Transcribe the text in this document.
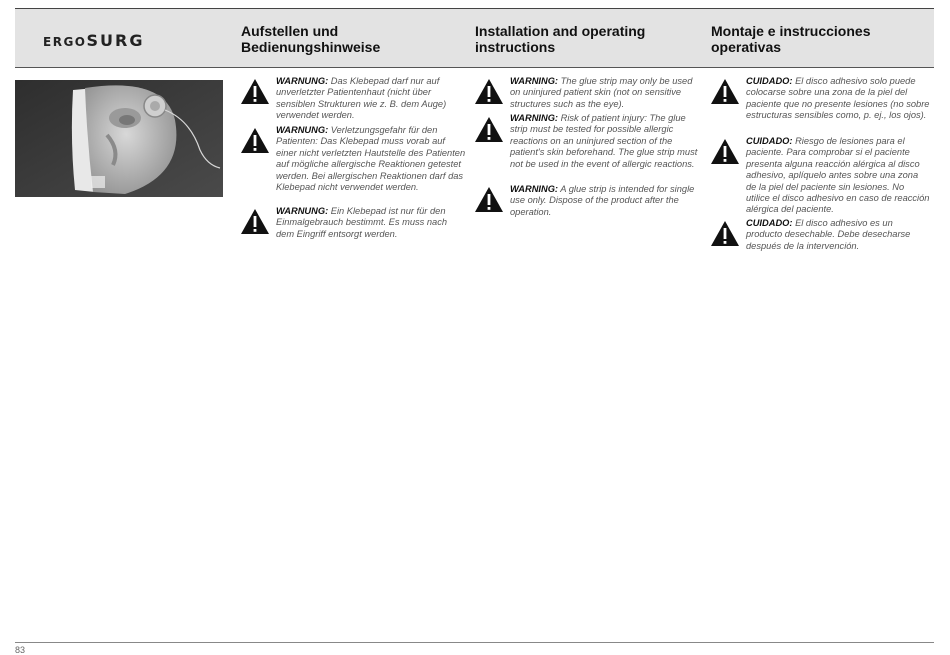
ERGOSURG	Aufstellen und
Bedienungshinweise
Installation and operating
instructions
Montaje e instrucciones
operativas
WARNUNG: Das Klebepad darf nur auf unverletzter Patientenhaut (nicht über sensiblen Strukturen wie z. B. dem Auge) verwendet werden.
WARNUNG: Verletzungsgefahr für den Patienten: Das Klebepad muss vorab auf einer nicht verletzten Hautstelle des Patienten auf mögliche allergische Reaktionen getestet werden. Bei allergischen Reaktionen darf das Klebepad nicht verwendet werden.
WARNUNG: Ein Klebepad ist nur für den Einmalgebrauch bestimmt. Es muss nach dem Eingriff entsorgt werden.
WARNING: The glue strip may only be used on uninjured patient skin (not on sensitive structures such as the eye).
WARNING: Risk of patient injury: The glue strip must be tested for possible allergic reactions on an uninjured section of the patient's skin beforehand. The glue strip must not be used in the event of allergic reactions.
WARNING: A glue strip is intended for single use only. Dispose of the product after the operation.
CUIDADO: El disco adhesivo solo puede colocarse sobre una zona de la piel del paciente que no presente lesiones (no sobre estructuras sensibles como, p. ej., los ojos).
CUIDADO: Riesgo de lesiones para el paciente. Para comprobar si el paciente presenta alguna reacción alérgica al disco adhesivo, aplíquelo antes sobre una zona de la piel del paciente sin lesiones. No utilice el disco adhesivo en caso de reacción alérgica del paciente.
CUIDADO: El disco adhesivo es un producto desechable. Debe desecharse después de la intervención.
83
